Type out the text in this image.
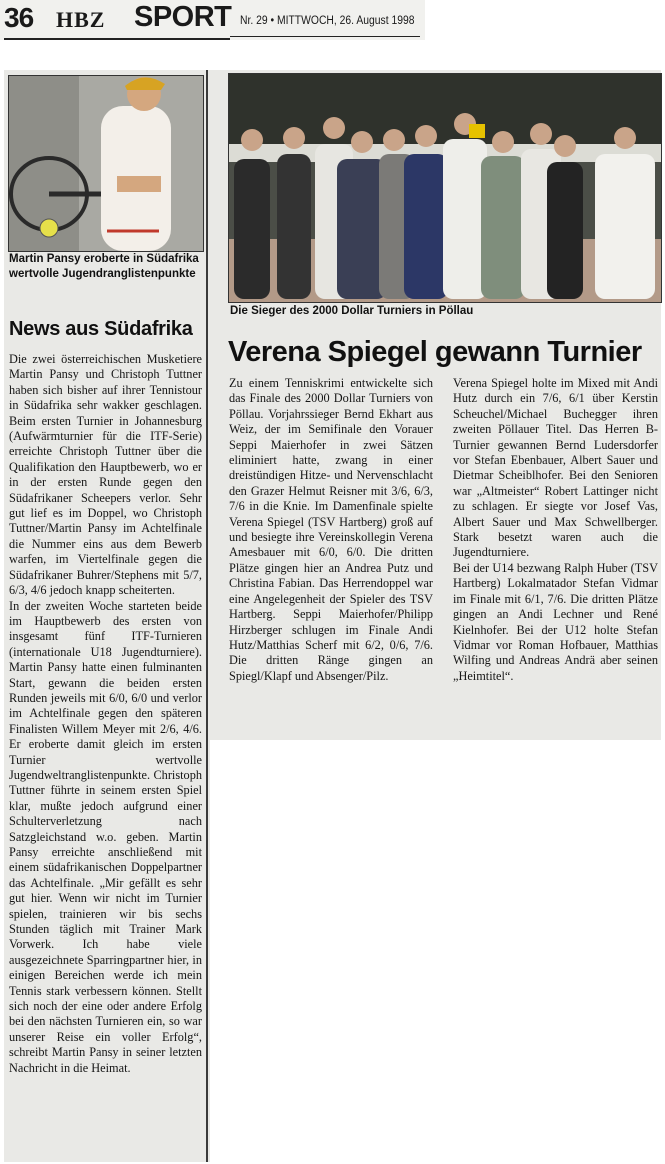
36 HBZ SPORT Nr. 29 • MITTWOCH, 26. August 1998
Martin Pansy eroberte in Südafrika wertvolle Jugendranglistenpunkte
Die Sieger des 2000 Dollar Turniers in Pöllau
News aus Südafrika

Die zwei österreichischen Musketiere Martin Pansy und Christoph Tuttner haben sich bisher auf ihrer Tennistour in Südafrika sehr wakker geschlagen. Beim ersten Turnier in Johannesburg (Aufwärmturnier für die ITF-Serie) erreichte Christoph Tuttner über die Qualifikation den Hauptbewerb, wo er in der ersten Runde gegen den Südafrikaner Scheepers verlor. Sehr gut lief es im Doppel, wo Christoph Tuttner/Martin Pansy im Achtelfinale die Nummer eins aus dem Bewerb warfen, im Viertelfinale gegen die Südafrikaner Buhrer/Stephens mit 5/7, 6/3, 4/6 jedoch knapp scheiterten.

In der zweiten Woche starteten beide im Hauptbewerb des ersten von insgesamt fünf ITF-Turnieren (internationale U18 Jugendturniere). Martin Pansy hatte einen fulminanten Start, gewann die beiden ersten Runden jeweils mit 6/0, 6/0 und verlor im Achtelfinale gegen den späteren Finalisten Willem Meyer mit 2/6, 4/6. Er eroberte damit gleich im ersten Turnier wertvolle Jugendweltranglistenpunkte. Christoph Tuttner führte in seinem ersten Spiel klar, mußte jedoch aufgrund einer Schulterverletzung nach Satzgleichstand w.o. geben. Martin Pansy erreichte anschließend mit einem südafrikanischen Doppelpartner das Achtelfinale. „Mir gefällt es sehr gut hier. Wenn wir nicht im Turnier spielen, trainieren wir bis sechs Stunden täglich mit Trainer Mark Vorwerk. Ich habe viele ausgezeichnete Sparringpartner hier, in einigen Bereichen werde ich mein Tennis stark verbessern können. Stellt sich noch der eine oder andere Erfolg bei den nächsten Turnieren ein, so war unserer Reise ein voller Erfolg“, schreibt Martin Pansy in seiner letzten Nachricht in die Heimat.

Verena Spiegel gewann Turnier

Zu einem Tenniskrimi entwickelte sich das Finale des 2000 Dollar Turniers von Pöllau. Vorjahrssieger Bernd Ekhart aus Weiz, der im Semifinale den Vorauer Seppi Maierhofer in zwei Sätzen eliminiert hatte, zwang in einer dreistündigen Hitze- und Nervenschlacht den Grazer Helmut Reisner mit 3/6, 6/3, 7/6 in die Knie. Im Damenfinale spielte Verena Spiegel (TSV Hartberg) groß auf und besiegte ihre Vereinskollegin Verena Amesbauer mit 6/0, 6/0. Die dritten Plätze gingen hier an Andrea Putz und Christina Fabian. Das Herrendoppel war eine Angelegenheit der Spieler des TSV Hartberg. Seppi Maierhofer/Philipp Hirzberger schlugen im Finale Andi Hutz/Matthias Scherf mit 6/2, 0/6, 7/6. Die dritten Ränge gingen an Spiegl/Klapf und Absenger/Pilz.

Verena Spiegel holte im Mixed mit Andi Hutz durch ein 7/6, 6/1 über Kerstin Scheuchel/Michael Buchegger ihren zweiten Pöllauer Titel. Das Herren B-Turnier gewannen Bernd Ludersdorfer vor Stefan Ebenbauer, Albert Sauer und Dietmar Scheiblhofer. Bei den Senioren war „Altmeister“ Robert Lattinger nicht zu schlagen. Er siegte vor Josef Vas, Albert Sauer und Max Schwellberger. Stark besetzt waren auch die Jugendturniere.

Bei der U14 bezwang Ralph Huber (TSV Hartberg) Lokalmatador Stefan Vidmar im Finale mit 6/1, 7/6. Die dritten Plätze gingen an Andi Lechner und René Kielnhofer. Bei der U12 holte Stefan Vidmar vor Roman Hofbauer, Matthias Wilfing und Andreas Andrä aber seinen „Heimtitel“.
